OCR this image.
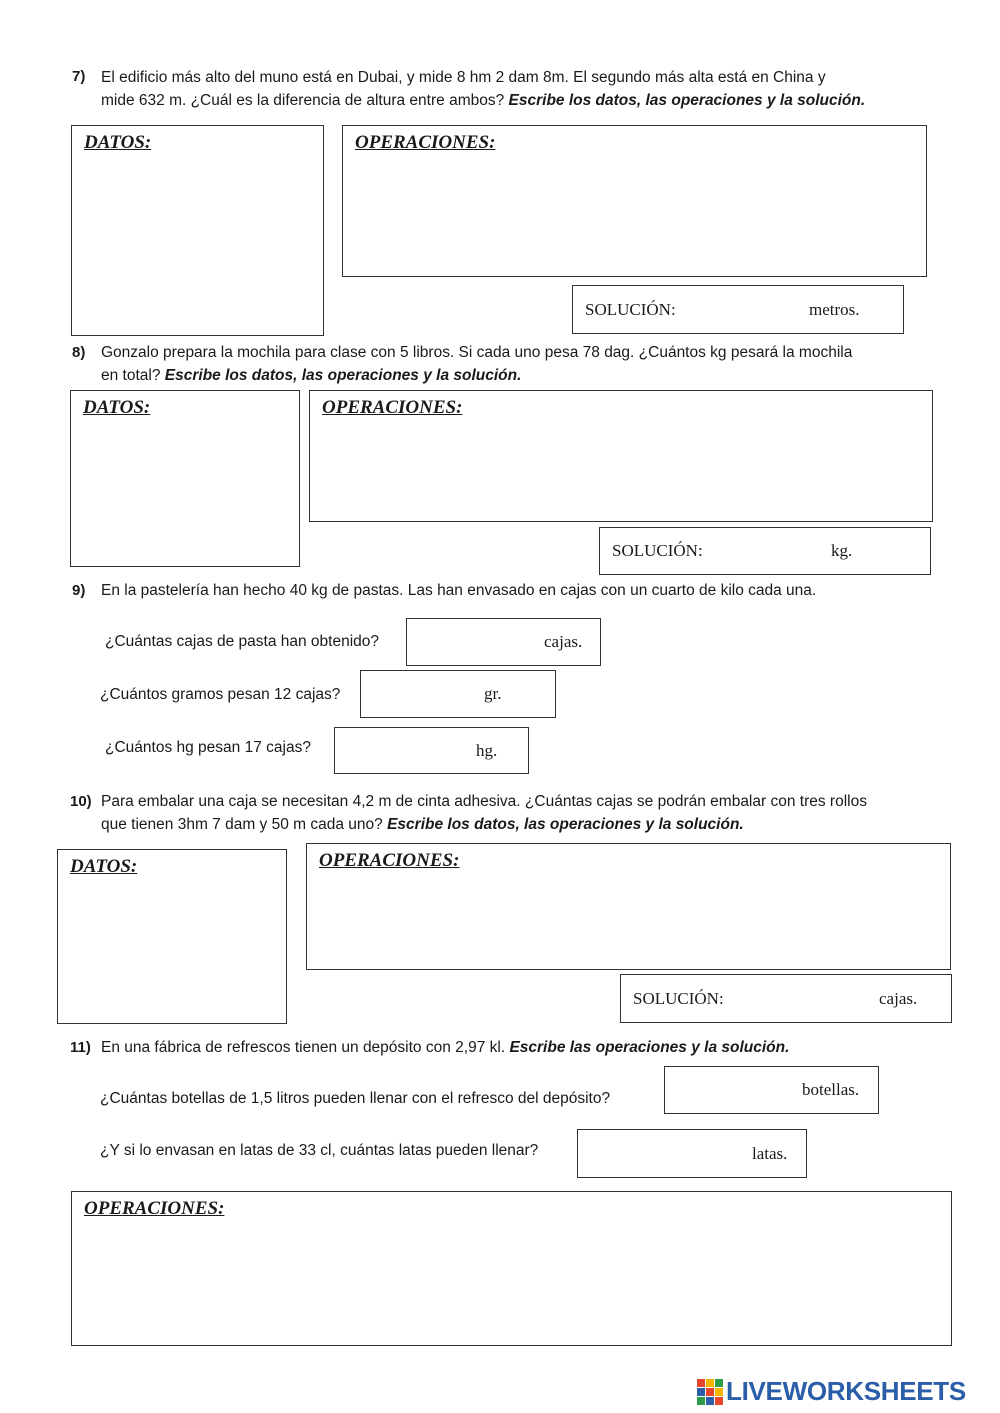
7) El edificio más alto del muno está en Dubai, y mide 8 hm 2 dam 8m. El segundo más alta está en China y
mide 632 m. ¿Cuál es la diferencia de altura entre ambos? Escribe los datos, las operaciones y la solución.
DATOS:	OPERACIONES:
SOLUCIÓN:	metros.
8) Gonzalo prepara la mochila para clase con 5 libros. Si cada uno pesa 78 dag. ¿Cuántos kg pesará la mochila
en total? Escribe los datos, las operaciones y la solución.
DATOS:	OPERACIONES:
SOLUCIÓN:	kg.
9) En la pastelería han hecho 40 kg de pastas. Las han envasado en cajas con un cuarto de kilo cada una.
¿Cuántas cajas de pasta han obtenido?	cajas.
¿Cuántos gramos pesan 12 cajas?	gr.
¿Cuántos hg pesan 17 cajas?	hg.
10) Para embalar una caja se necesitan 4,2 m de cinta adhesiva. ¿Cuántas cajas se podrán embalar con tres rollos
que tienen 3hm 7 dam y 50 m cada uno? Escribe los datos, las operaciones y la solución.
DATOS:	OPERACIONES:
SOLUCIÓN:	cajas.
11) En una fábrica de refrescos tienen un depósito con 2,97 kl. Escribe las operaciones y la solución.
¿Cuántas botellas de 1,5 litros pueden llenar con el refresco del depósito?	botellas.
¿Y si lo envasan en latas de 33 cl, cuántas latas pueden llenar?	latas.
OPERACIONES:
LIVEWORKSHEETS
